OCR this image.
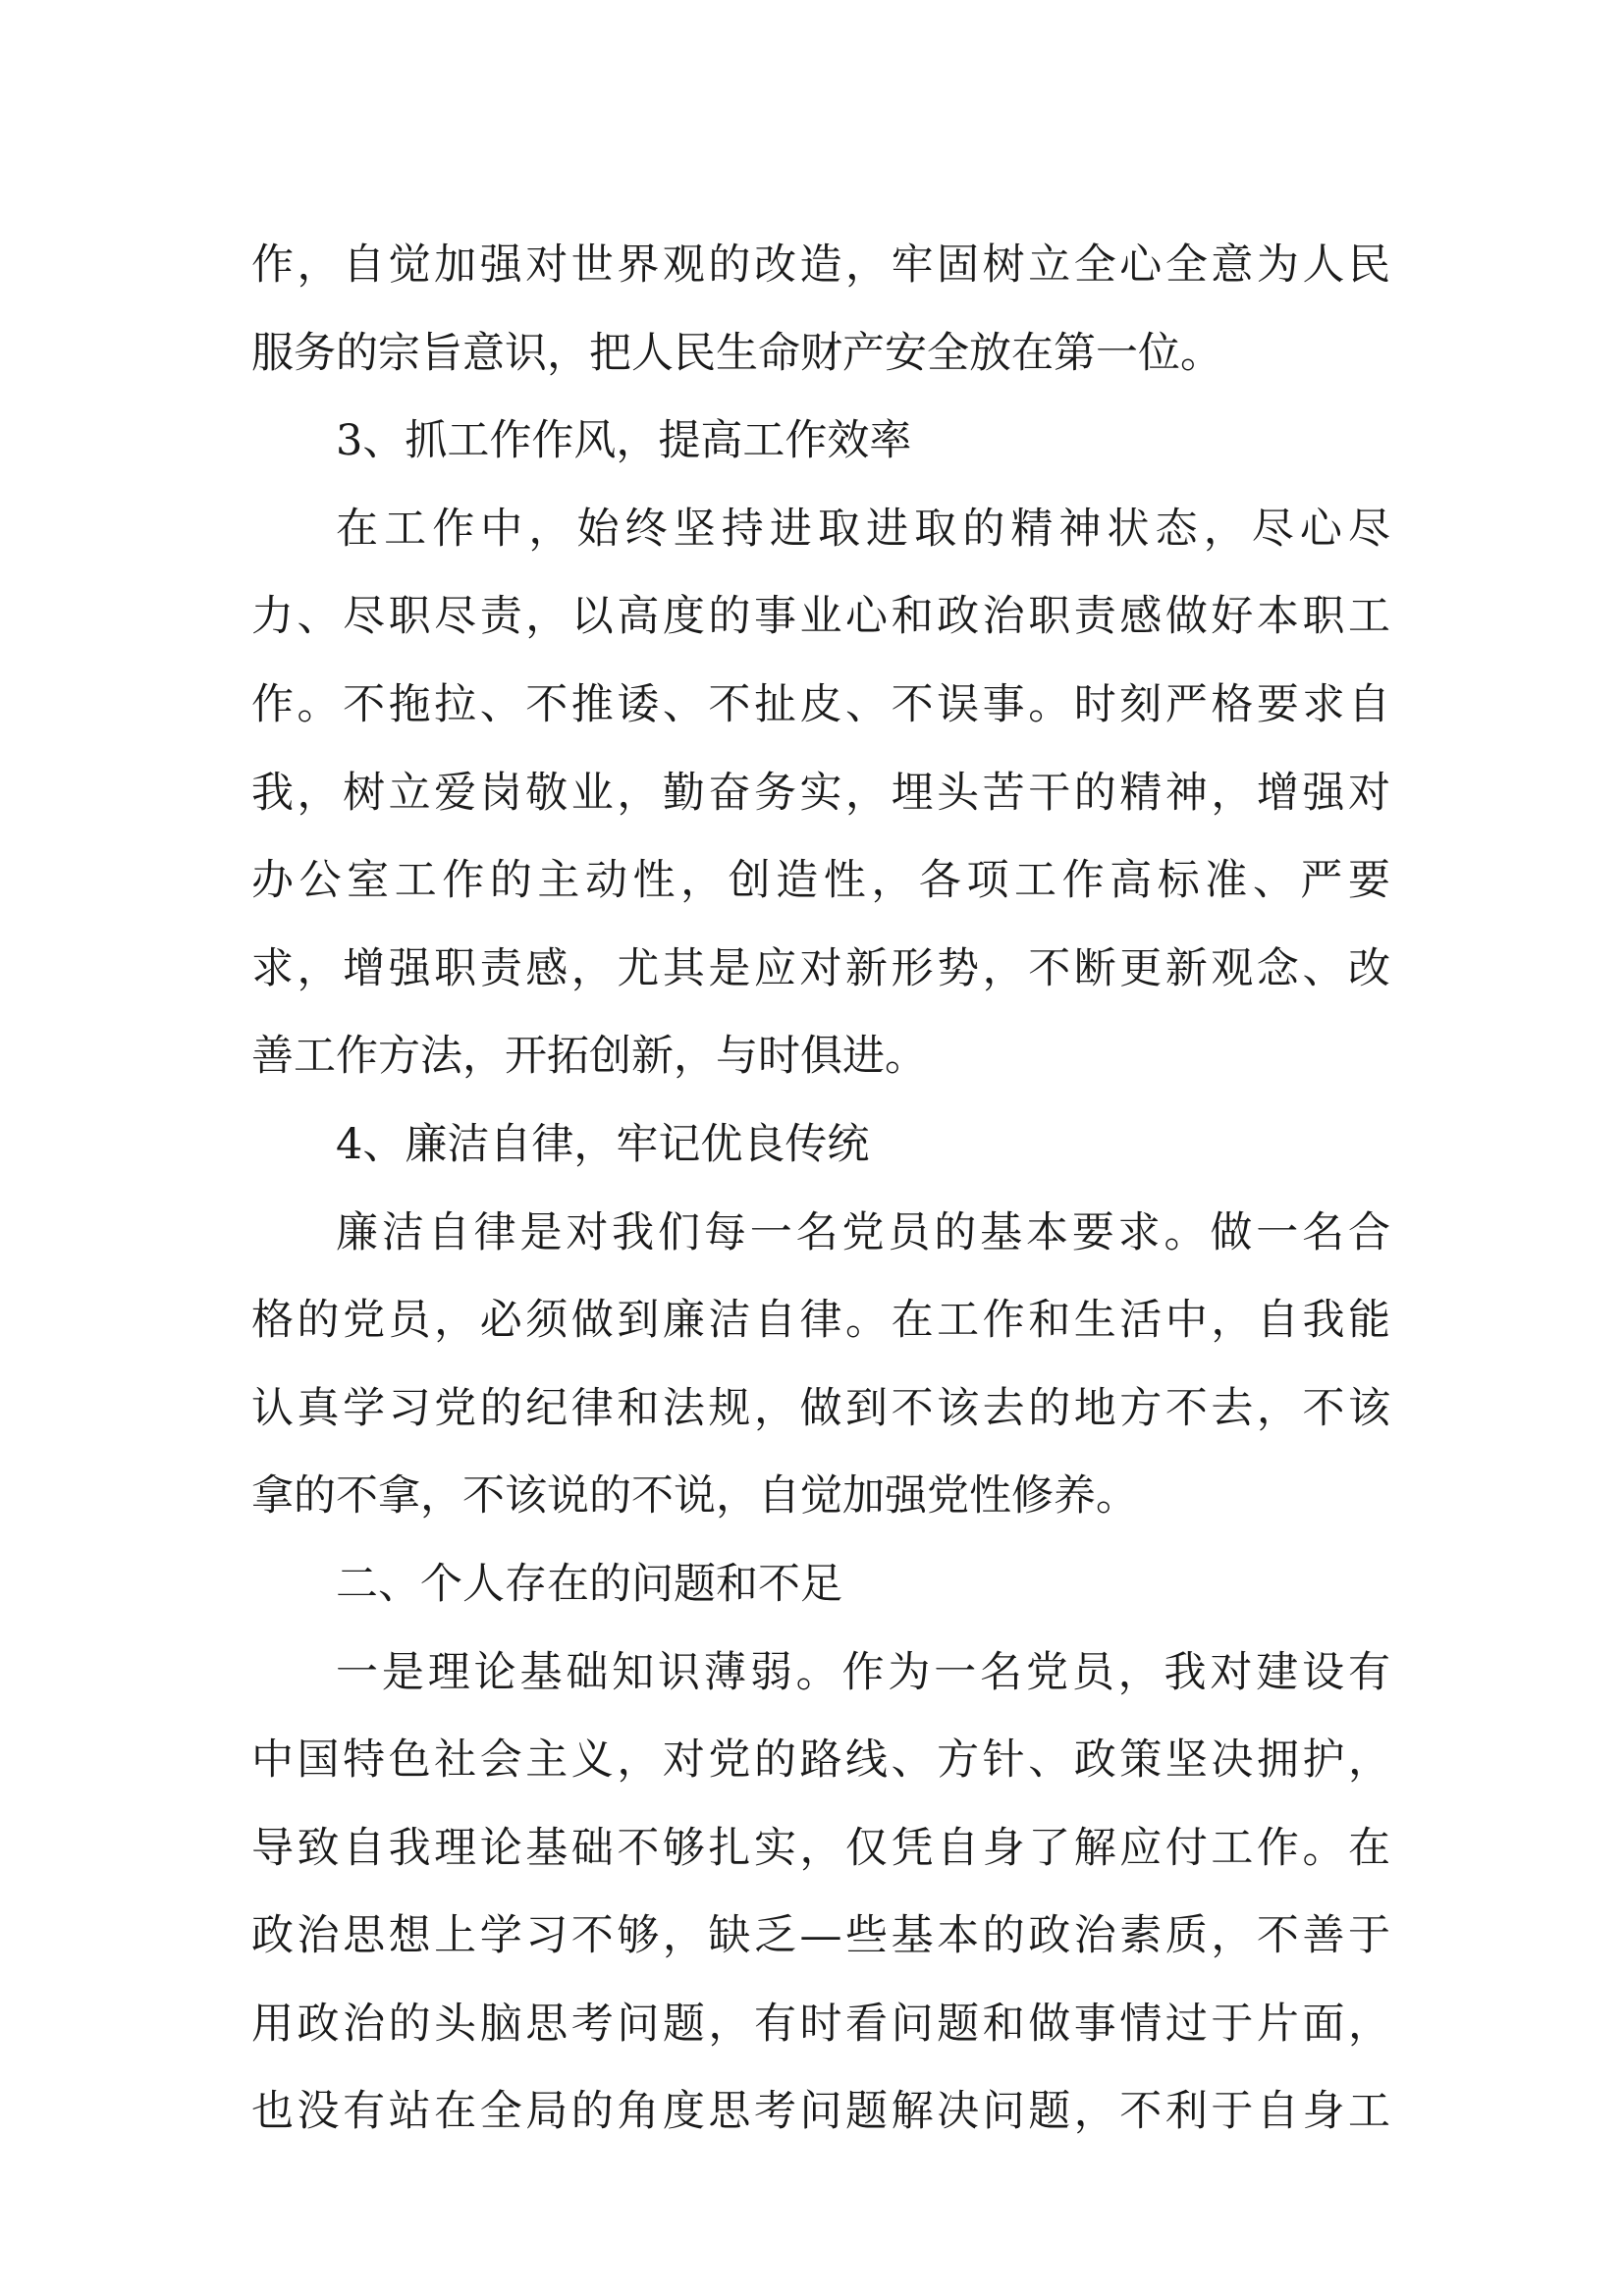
作，自觉加强对世界观的改造，牢固树立全心全意为人民
服务的宗旨意识，把人民生命财产安全放在第一位。
3、抓工作作风，提高工作效率
在工作中，始终坚持进取进取的精神状态，尽心尽
力、尽职尽责，以高度的事业心和政治职责感做好本职工
作。不拖拉、不推诿、不扯皮、不误事。时刻严格要求自
我，树立爱岗敬业，勤奋务实，埋头苦干的精神，增强对
办公室工作的主动性，创造性，各项工作高标准、严要
求，增强职责感，尤其是应对新形势，不断更新观念、改
善工作方法，开拓创新，与时俱进。
4、廉洁自律，牢记优良传统
廉洁自律是对我们每一名党员的基本要求。做一名合
格的党员，必须做到廉洁自律。在工作和生活中，自我能
认真学习党的纪律和法规，做到不该去的地方不去，不该
拿的不拿，不该说的不说，自觉加强党性修养。
二、个人存在的问题和不足
一是理论基础知识薄弱。作为一名党员，我对建设有
中国特色社会主义，对党的路线、方针、政策坚决拥护，
导致自我理论基础不够扎实，仅凭自身了解应付工作。在
政治思想上学习不够，缺乏—些基本的政治素质，不善于
用政治的头脑思考问题，有时看问题和做事情过于片面，
也没有站在全局的角度思考问题解决问题，不利于自身工
